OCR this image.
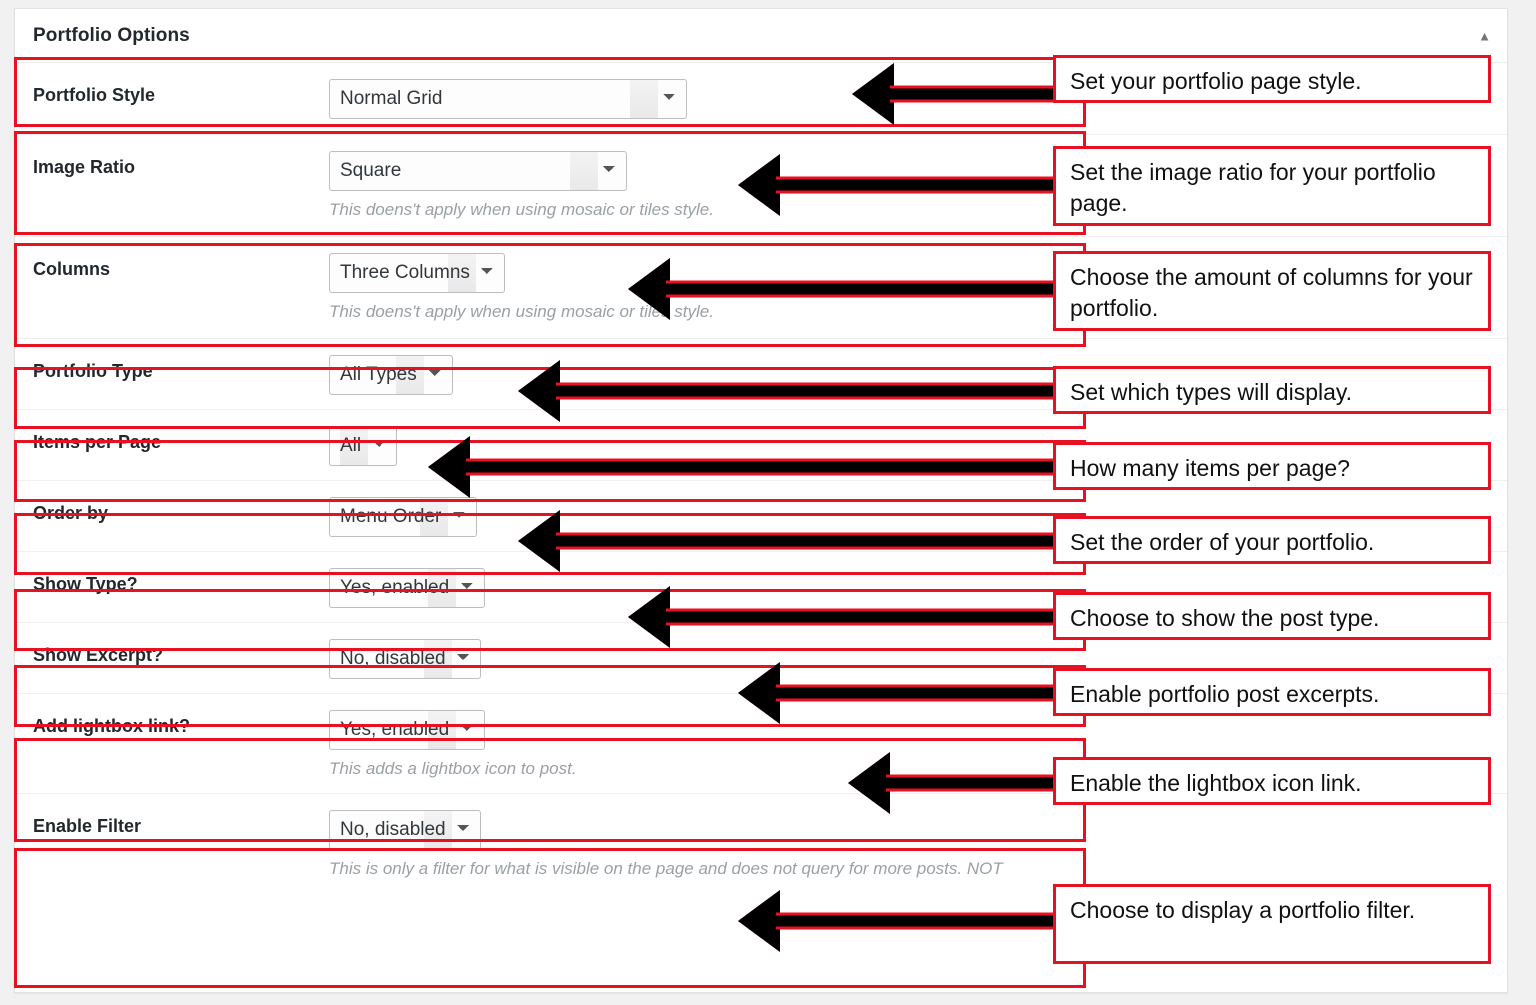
Portfolio Options	▲
Portfolio Style
Normal Grid
Image Ratio
Square
This doens't apply when using mosaic or tiles style.
Columns
Three Columns
This doens't apply when using mosaic or tiles style.
Portfolio Type
All Types
Items per Page
All
Order by
Menu Order
Show Type?
Yes, enabled
Show Excerpt?
No, disabled
Add lightbox link?
Yes, enabled
This adds a lightbox icon to post.
Enable Filter
No, disabled
This is only a filter for what is visible on the page and does not query for more posts. NOT
Set your portfolio page style.
Set the image ratio for your portfolio page.
Choose the amount of columns for your portfolio.
Set which types will display.
How many items per page?
Set the order of your portfolio.
Choose to show the post type.
Enable portfolio post excerpts.
Enable the lightbox icon link.
Choose to display a portfolio filter.
